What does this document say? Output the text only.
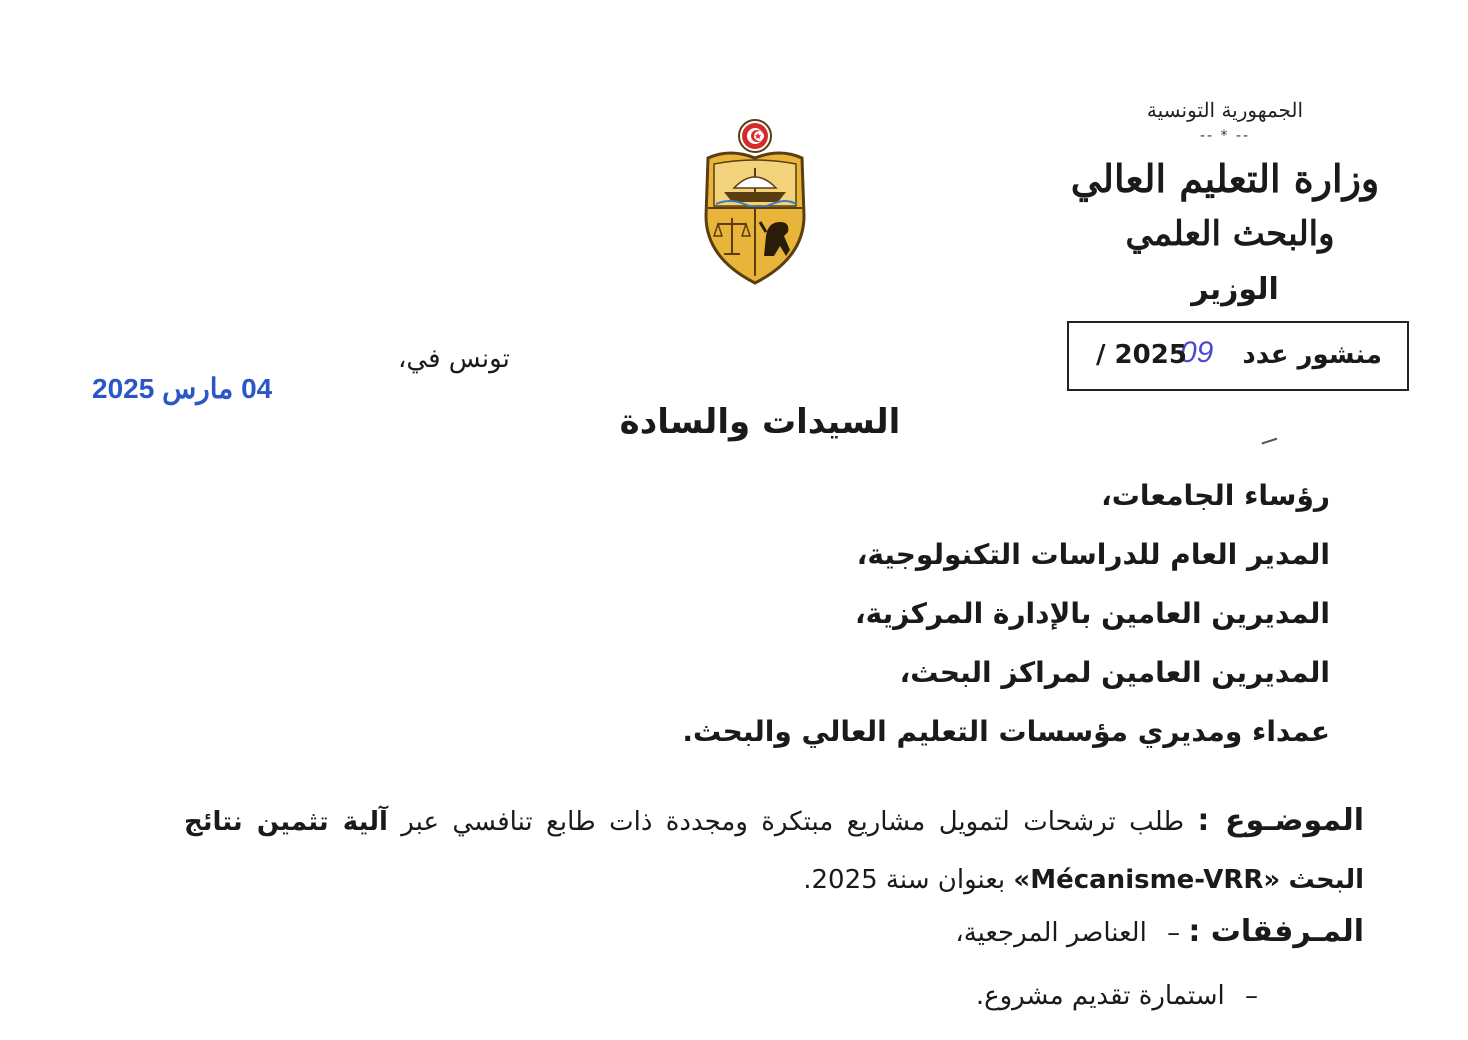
الجمهورية التونسية
-- * --
وزارة التعليم العالي
والبحث العلمي
الوزير
منشور عدد
09
/ 2025
تونس في،
04 مارس 2025
السيدات والسادة
رؤساء الجامعات،
المدير العام للدراسات التكنولوجية،
المديرين العامين بالإدارة المركزية،
المديرين العامين لمراكز البحث،
عمداء ومديري مؤسسات التعليم العالي والبحث.
الموضـوع : طلب ترشحات لتمويل مشاريع مبتكرة ومجددة ذات طابع تنافسي عبر آلية تثمين نتائج البحث «Mécanisme-VRR» بعنوان سنة 2025.
المـرفقات : – العناصر المرجعية،
– استمارة تقديم مشروع.
